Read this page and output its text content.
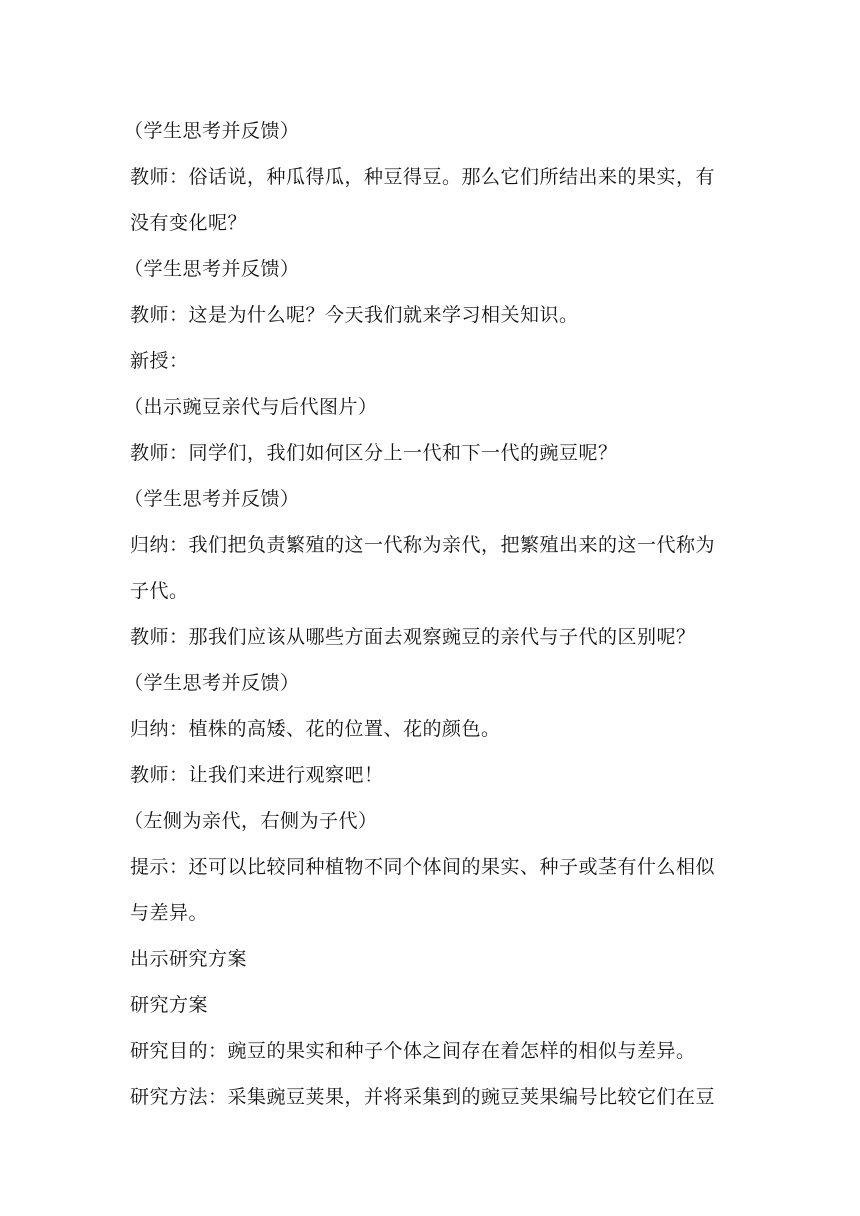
（学生思考并反馈）
教师：俗话说，种瓜得瓜，种豆得豆。那么它们所结出来的果实，有
没有变化呢？
（学生思考并反馈）
教师：这是为什么呢？今天我们就来学习相关知识。
新授：
（出示豌豆亲代与后代图片）
教师：同学们，我们如何区分上一代和下一代的豌豆呢？
（学生思考并反馈）
归纳：我们把负责繁殖的这一代称为亲代，把繁殖出来的这一代称为
子代。
教师：那我们应该从哪些方面去观察豌豆的亲代与子代的区别呢？
（学生思考并反馈）
归纳：植株的高矮、花的位置、花的颜色。
教师：让我们来进行观察吧！
（左侧为亲代，右侧为子代）
提示：还可以比较同种植物不同个体间的果实、种子或茎有什么相似
与差异。
出示研究方案
研究方案
研究目的：豌豆的果实和种子个体之间存在着怎样的相似与差异。
研究方法：采集豌豆荚果，并将采集到的豌豆荚果编号比较它们在豆
